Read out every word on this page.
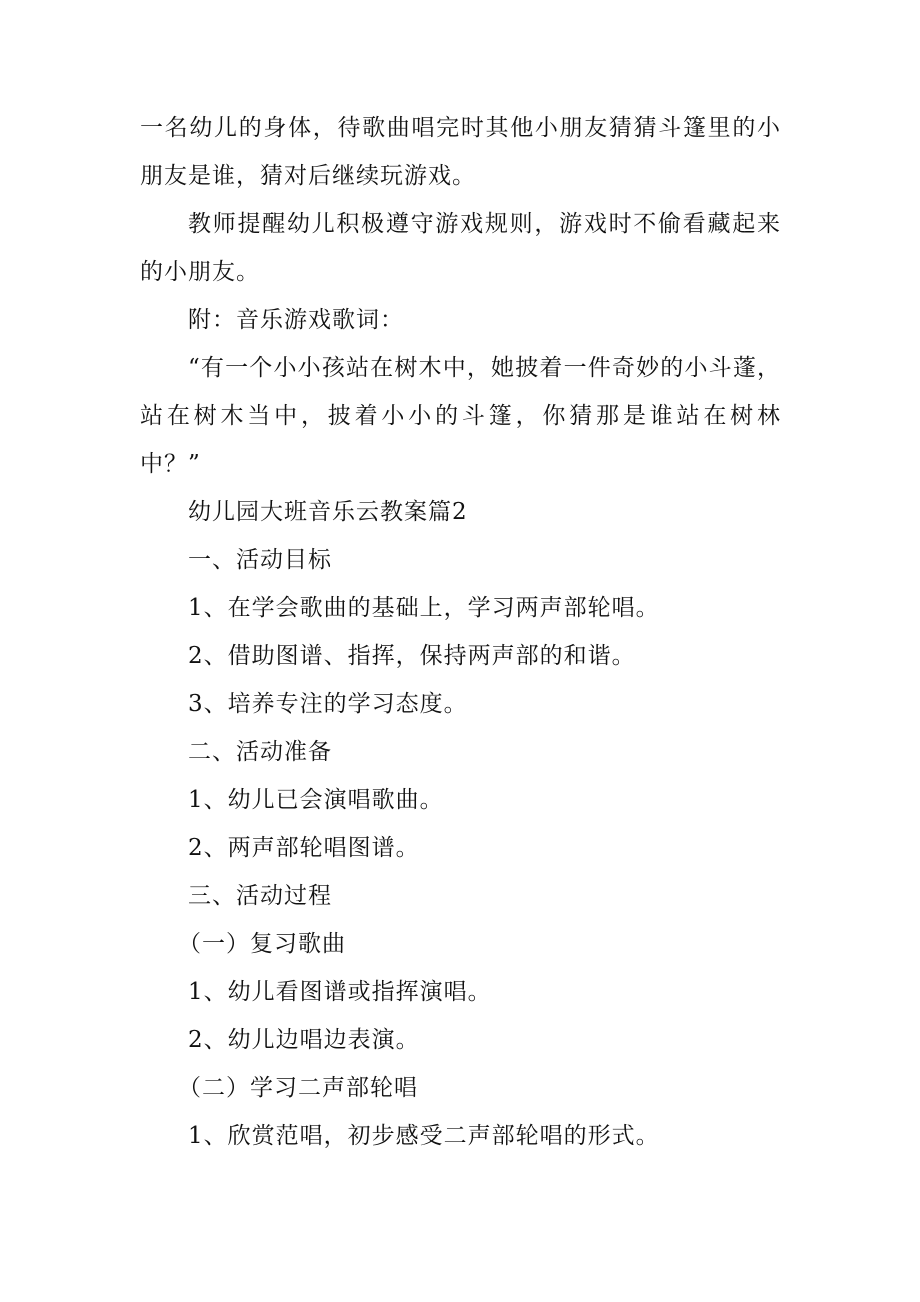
一名幼儿的身体，待歌曲唱完时其他小朋友猜猜斗篷里的小
朋友是谁，猜对后继续玩游戏。
教师提醒幼儿积极遵守游戏规则，游戏时不偷看藏起来
的小朋友。
附：音乐游戏歌词：
“有一个小小孩站在树木中，她披着一件奇妙的小斗蓬，
站在树木当中，披着小小的斗篷，你猜那是谁站在树林
中？”
幼儿园大班音乐云教案篇2
一、活动目标
1、在学会歌曲的基础上，学习两声部轮唱。
2、借助图谱、指挥，保持两声部的和谐。
3、培养专注的学习态度。
二、活动准备
1、幼儿已会演唱歌曲。
2、两声部轮唱图谱。
三、活动过程
（一）复习歌曲
1、幼儿看图谱或指挥演唱。
2、幼儿边唱边表演。
（二）学习二声部轮唱
1、欣赏范唱，初步感受二声部轮唱的形式。
